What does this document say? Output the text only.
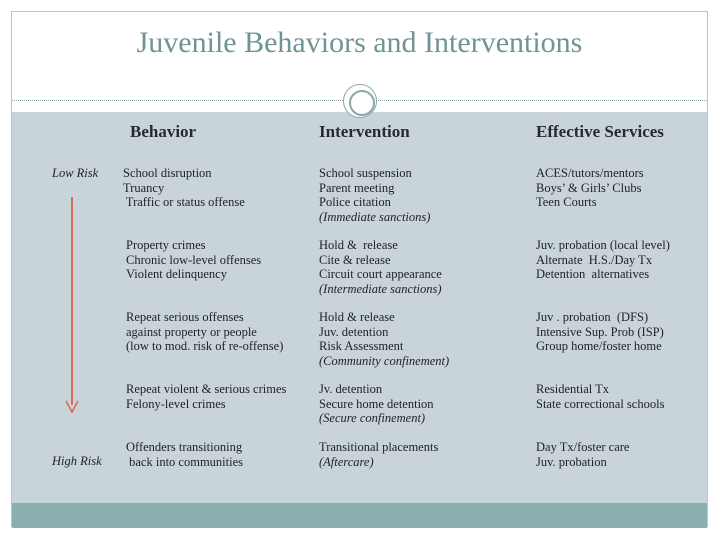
Juvenile Behaviors and Interventions
Behavior	Intervention	Effective Services
Low Risk
High Risk
School disruption
Truancy
Traffic or status offense
School suspension
Parent meeting
Police citation
(Immediate sanctions)
ACES/tutors/mentors
Boys’ & Girls’ Clubs
Teen Courts
Property crimes
Chronic low-level offenses
Violent delinquency
Hold &  release
Cite & release
Circuit court appearance
(Intermediate sanctions)
Juv. probation (local level)
Alternate  H.S./Day Tx
Detention  alternatives
Repeat serious offenses
against property or people
(low to mod. risk of re-offense)
Hold & release
Juv. detention
Risk Assessment
(Community confinement)
Juv . probation  (DFS)
Intensive Sup. Prob (ISP)
Group home/foster home
Repeat violent & serious crimes
Felony-level crimes
Jv. detention
Secure home detention
(Secure confinement)
Residential Tx
State correctional schools
Offenders transitioning
back into communities
Transitional placements
(Aftercare)
Day Tx/foster care
Juv. probation
